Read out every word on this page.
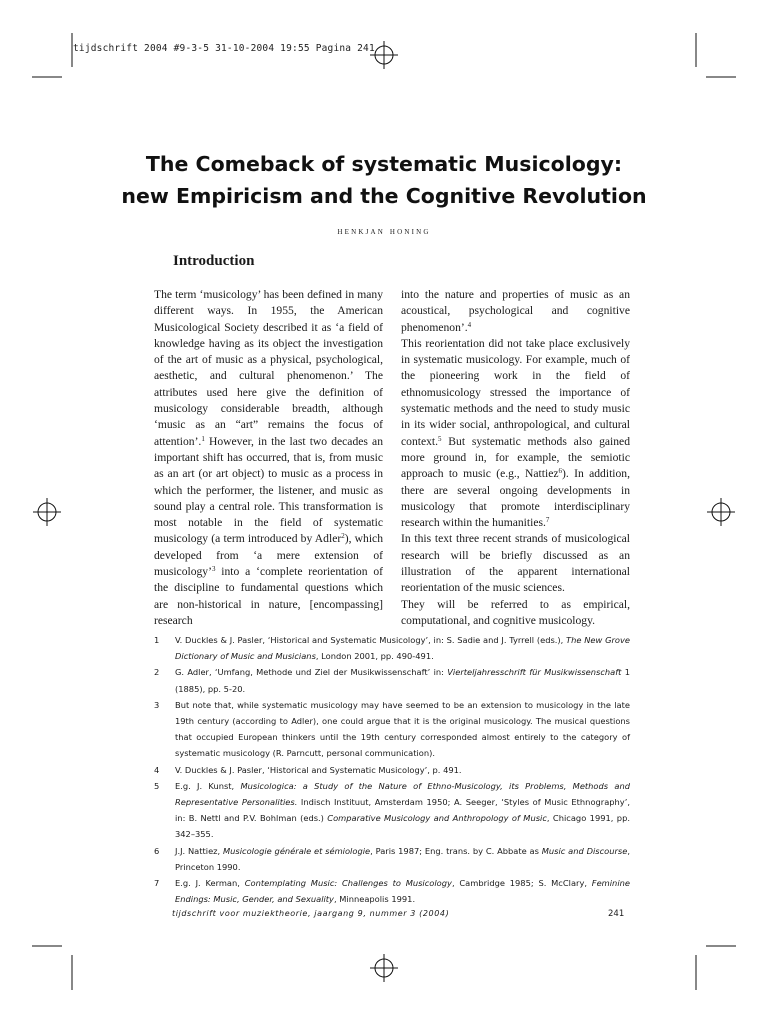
tijdschrift 2004 #9-3-5 31-10-2004 19:55 Pagina 241
The Comeback of systematic Musicology:
new Empiricism and the Cognitive Revolution
henkjan honing
Introduction

The term ‘musicology’ has been defined in many different ways. In 1955, the American Musicological Society described it as ‘a field of knowledge having as its object the investigation of the art of music as a physical, psychological, aesthetic, and cultural phenomenon.’ The attributes used here give the definition of musicology considerable breadth, although ‘music as an “art” remains the focus of attention’.$^1$ However, in the last two decades an important shift has occurred, that is, from music as an art (or art object) to music as a process in which the performer, the listener, and music as sound play a central role. This transformation is most notable in the field of systematic musicology (a term introduced by Adler$^2$), which developed from ‘a mere extension of musicology’$^3$ into a ‘complete reorientation of the discipline to fundamental questions which are non-historical in nature, [encompassing] research

into the nature and properties of music as an acoustical, psychological and cognitive phenomenon’.$^4$

This reorientation did not take place exclusively in systematic musicology. For example, much of the pioneering work in the field of ethnomusicology stressed the importance of systematic methods and the need to study music in its wider social, anthropological, and cultural context.$^5$ But systematic methods also gained more ground in, for example, the semiotic approach to music (e.g., Nattiez$^6$). In addition, there are several ongoing developments in musicology that promote interdisciplinary research within the humanities.$^7$

In this text three recent strands of musicological research will be briefly discussed as an illustration of the apparent international reorientation of the music sciences.

They will be referred to as empirical, computational, and cognitive musicology.

1 V. Duckles & J. Pasler, ‘Historical and Systematic Musicology’, in: S. Sadie and J. Tyrrell (eds.), The New Grove Dictionary of Music and Musicians, London 2001, pp. 490-491.
2 G. Adler, ‘Umfang, Methode und Ziel der Musikwissenschaft’ in: Vierteljahresschrift für Musikwissenschaft 1 (1885), pp. 5-20.
3 But note that, while systematic musicology may have seemed to be an extension to musicology in the late 19th century (according to Adler), one could argue that it is the original musicology. The musical questions that occupied European thinkers until the 19th century corresponded almost entirely to the category of systematic musicology (R. Parncutt, personal communication).
4 V. Duckles & J. Pasler, ‘Historical and Systematic Musicology’, p. 491.
5 E.g. J. Kunst, Musicologica: a Study of the Nature of Ethno-Musicology, its Problems, Methods and Representative Personalities. Indisch Instituut, Amsterdam 1950; A. Seeger, ‘Styles of Music Ethnography’, in: B. Nettl and P.V. Bohlman (eds.) Comparative Musicology and Anthropology of Music, Chicago 1991, pp. 342–355.
6 J.J. Nattiez, Musicologie générale et sémiologie, Paris 1987; Eng. trans. by C. Abbate as Music and Discourse, Princeton 1990.
7 E.g. J. Kerman, Contemplating Music: Challenges to Musicology, Cambridge 1985; S. McClary, Feminine Endings: Music, Gender, and Sexuality, Minneapolis 1991.
tijdschrift voor muziektheorie, jaargang 9, nummer 3 (2004)	241
